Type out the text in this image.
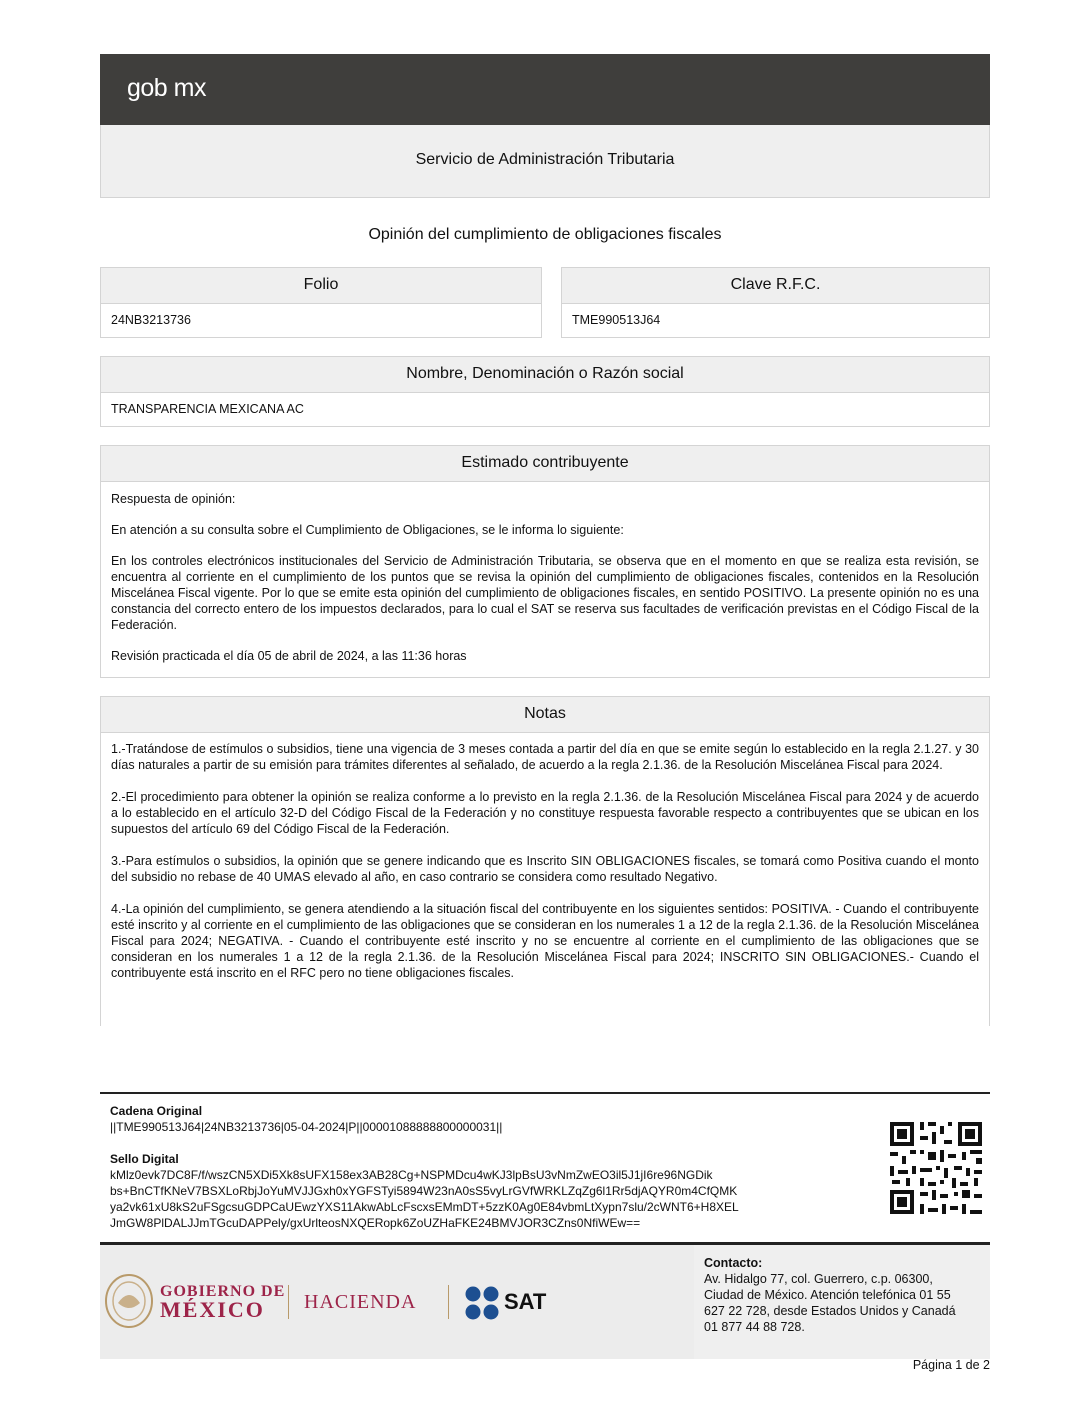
gob mx
Servicio de Administración Tributaria
Opinión del cumplimiento de obligaciones fiscales
Folio
24NB3213736
Clave R.F.C.
TME990513J64
Nombre, Denominación o Razón social
TRANSPARENCIA MEXICANA AC
Estimado contribuyente

Respuesta de opinión:

En atención a su consulta sobre el Cumplimiento de Obligaciones, se le informa lo siguiente:

En los controles electrónicos institucionales del Servicio de Administración Tributaria, se observa que en el momento en que se realiza esta revisión, se encuentra al corriente en el cumplimiento de los puntos que se revisa la opinión del cumplimiento de obligaciones fiscales, contenidos en la Resolución Miscelánea Fiscal vigente. Por lo que se emite esta opinión del cumplimiento de obligaciones fiscales, en sentido POSITIVO. La presente opinión no es una constancia del correcto entero de los impuestos declarados, para lo cual el SAT se reserva sus facultades de verificación previstas en el Código Fiscal de la Federación.

Revisión practicada el día 05 de abril de 2024, a las 11:36 horas

Notas

1.-Tratándose de estímulos o subsidios, tiene una vigencia de 3 meses contada a partir del día en que se emite según lo establecido en la regla 2.1.27. y 30 días naturales a partir de su emisión para trámites diferentes al señalado, de acuerdo a la regla 2.1.36. de la Resolución Miscelánea Fiscal para 2024.

2.-El procedimiento para obtener la opinión se realiza conforme a lo previsto en la regla 2.1.36. de la Resolución Miscelánea Fiscal para 2024 y de acuerdo a lo establecido en el artículo 32-D del Código Fiscal de la Federación y no constituye respuesta favorable respecto a contribuyentes que se ubican en los supuestos del artículo 69 del Código Fiscal de la Federación.

3.-Para estímulos o subsidios, la opinión que se genere indicando que es Inscrito SIN OBLIGACIONES fiscales, se tomará como Positiva cuando el monto del subsidio no rebase de 40 UMAS elevado al año, en caso contrario se considera como resultado Negativo.

4.-La opinión del cumplimiento, se genera atendiendo a la situación fiscal del contribuyente en los siguientes sentidos: POSITIVA. - Cuando el contribuyente esté inscrito y al corriente en el cumplimiento de las obligaciones que se consideran en los numerales 1 a 12 de la regla 2.1.36. de la Resolución Miscelánea Fiscal para 2024; NEGATIVA. - Cuando el contribuyente esté inscrito y no se encuentre al corriente en el cumplimiento de las obligaciones que se consideran en los numerales 1 a 12 de la regla 2.1.36. de la Resolución Miscelánea Fiscal para 2024; INSCRITO SIN OBLIGACIONES.- Cuando el contribuyente está inscrito en el RFC pero no tiene obligaciones fiscales.

Cadena Original
||TME990513J64|24NB3213736|05-04-2024|P||00001088888800000031||
Sello Digital
kMlz0evk7DC8F/f/wszCN5XDi5Xk8sUFX158ex3AB28Cg+NSPMDcu4wKJ3lpBsU3vNmZwEO3il5J1jI6re96NGDik
bs+BnCTfKNeV7BSXLoRbjJoYuMVJJGxh0xYGFSTyi5894W23nA0sS5vyLrGVfWRKLZqZg6l1Rr5djAQYR0m4CfQMK
ya2vk61xU8kS2uFSgcsuGDPCaUEwzYXS11AkwAbLcFscxsEMmDT+5zzK0Ag0E84vbmLtXypn7slu/2cWNT6+H8XEL
JmGW8PlDALJJmTGcuDAPPely/gxUrlteosNXQERopk6ZoUZHaFKE24BMVJOR3CZns0NfiWEw==
GOBIERNO DE
MÉXICO	HACIENDA	SAT
Contacto:
Av. Hidalgo 77, col. Guerrero, c.p. 06300,
Ciudad de México. Atención telefónica 01 55
627 22 728, desde Estados Unidos y Canadá
01 877 44 88 728.
Página 1 de 2
